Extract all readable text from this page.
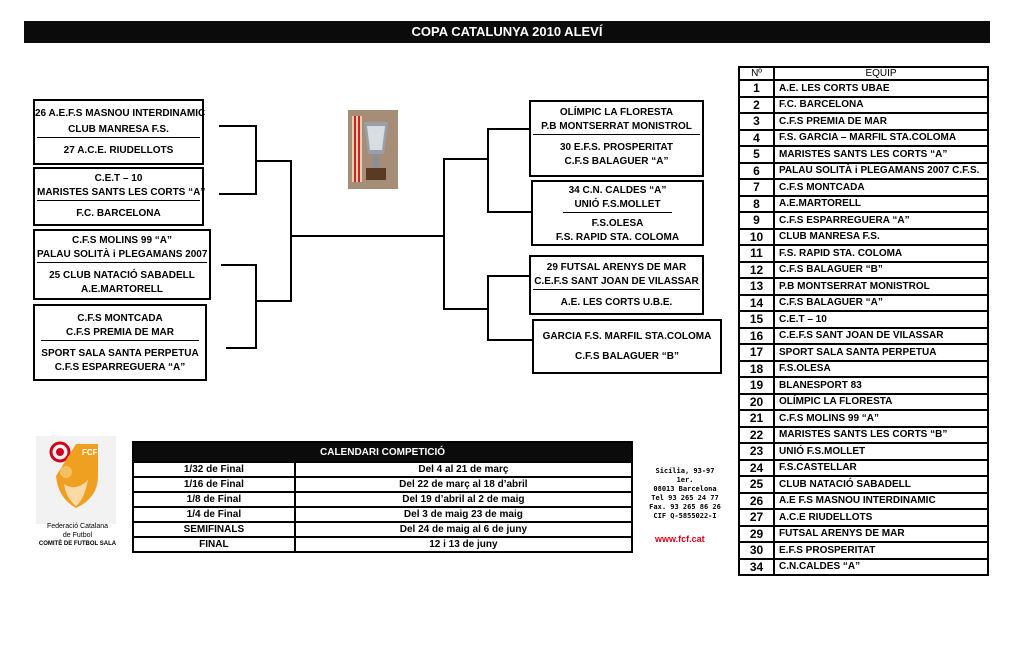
COPA CATALUNYA 2010 ALEVÍ
26 A.E.F.S MASNOU INTERDINAMIC
CLUB MANRESA F.S.
27 A.C.E. RIUDELLOTS
C.E.T – 10
MARISTES SANTS LES CORTS “A”
F.C. BARCELONA
C.F.S MOLINS 99 “A”
PALAU SOLITÀ i PLEGAMANS 2007
25 CLUB NATACIÓ SABADELL
A.E.MARTORELL
C.F.S MONTCADA
C.F.S PREMIA DE MAR
SPORT SALA SANTA PERPETUA
C.F.S ESPARREGUERA “A”
OLÍMPIC LA FLORESTA
P.B MONTSERRAT MONISTROL
30 E.F.S. PROSPERITAT
C.F.S BALAGUER “A”
34 C.N. CALDES “A”
UNIÓ F.S.MOLLET
F.S.OLESA
F.S. RAPID STA. COLOMA
29 FUTSAL ARENYS DE MAR
C.E.F.S SANT JOAN DE VILASSAR
A.E. LES CORTS U.B.E.
GARCIA F.S. MARFIL STA.COLOMA
C.F.S BALAGUER “B”
Nº	EQUIP
1	A.E. LES CORTS UBAE
2	F.C. BARCELONA
3	C.F.S PREMIA DE MAR
4	F.S. GARCIA – MARFIL STA.COLOMA
5	MARISTES SANTS LES CORTS “A”
6	PALAU SOLITÀ i PLEGAMANS 2007 C.F.S.
7	C.F.S MONTCADA
8	A.E.MARTORELL
9	C.F.S ESPARREGUERA “A”
10	CLUB MANRESA F.S.
11	F.S. RAPID STA. COLOMA
12	C.F.S BALAGUER “B”
13	P.B MONTSERRAT MONISTROL
14	C.F.S BALAGUER “A”
15	C.E.T – 10
16	C.E.F.S SANT JOAN DE VILASSAR
17	SPORT SALA SANTA PERPETUA
18	F.S.OLESA
19	BLANESPORT 83
20	OLÍMPIC LA FLORESTA
21	C.F.S MOLINS 99 “A”
22	MARISTES SANTS LES CORTS “B”
23	UNIÓ F.S.MOLLET
24	F.S.CASTELLAR
25	CLUB NATACIÓ SABADELL
26	A.E F.S MASNOU INTERDINAMIC
27	A.C.E RIUDELLOTS
29	FUTSAL ARENYS DE MAR
30	E.F.S PROSPERITAT
34	C.N.CALDES “A”
CALENDARI COMPETICIÓ	
1/32 de Final	Del 4 al 21 de març
1/16 de Final	Del 22 de març al 18 d’abril
1/8 de Final	Del 19 d’abril al 2 de maig
1/4 de Final	Del 3 de maig 23 de maig
SEMIFINALS	Del 24 de maig al 6 de juny
FINAL	12 i 13 de juny
Sicília, 93-97 1er.
08013 Barcelona
Tel 93 265 24 77
Fax. 93 265 86 26
CIF Q-5855022-I
www.fcf.cat
FCF
Federació Catalana
de Futbol
COMITÈ DE FUTBOL SALA
